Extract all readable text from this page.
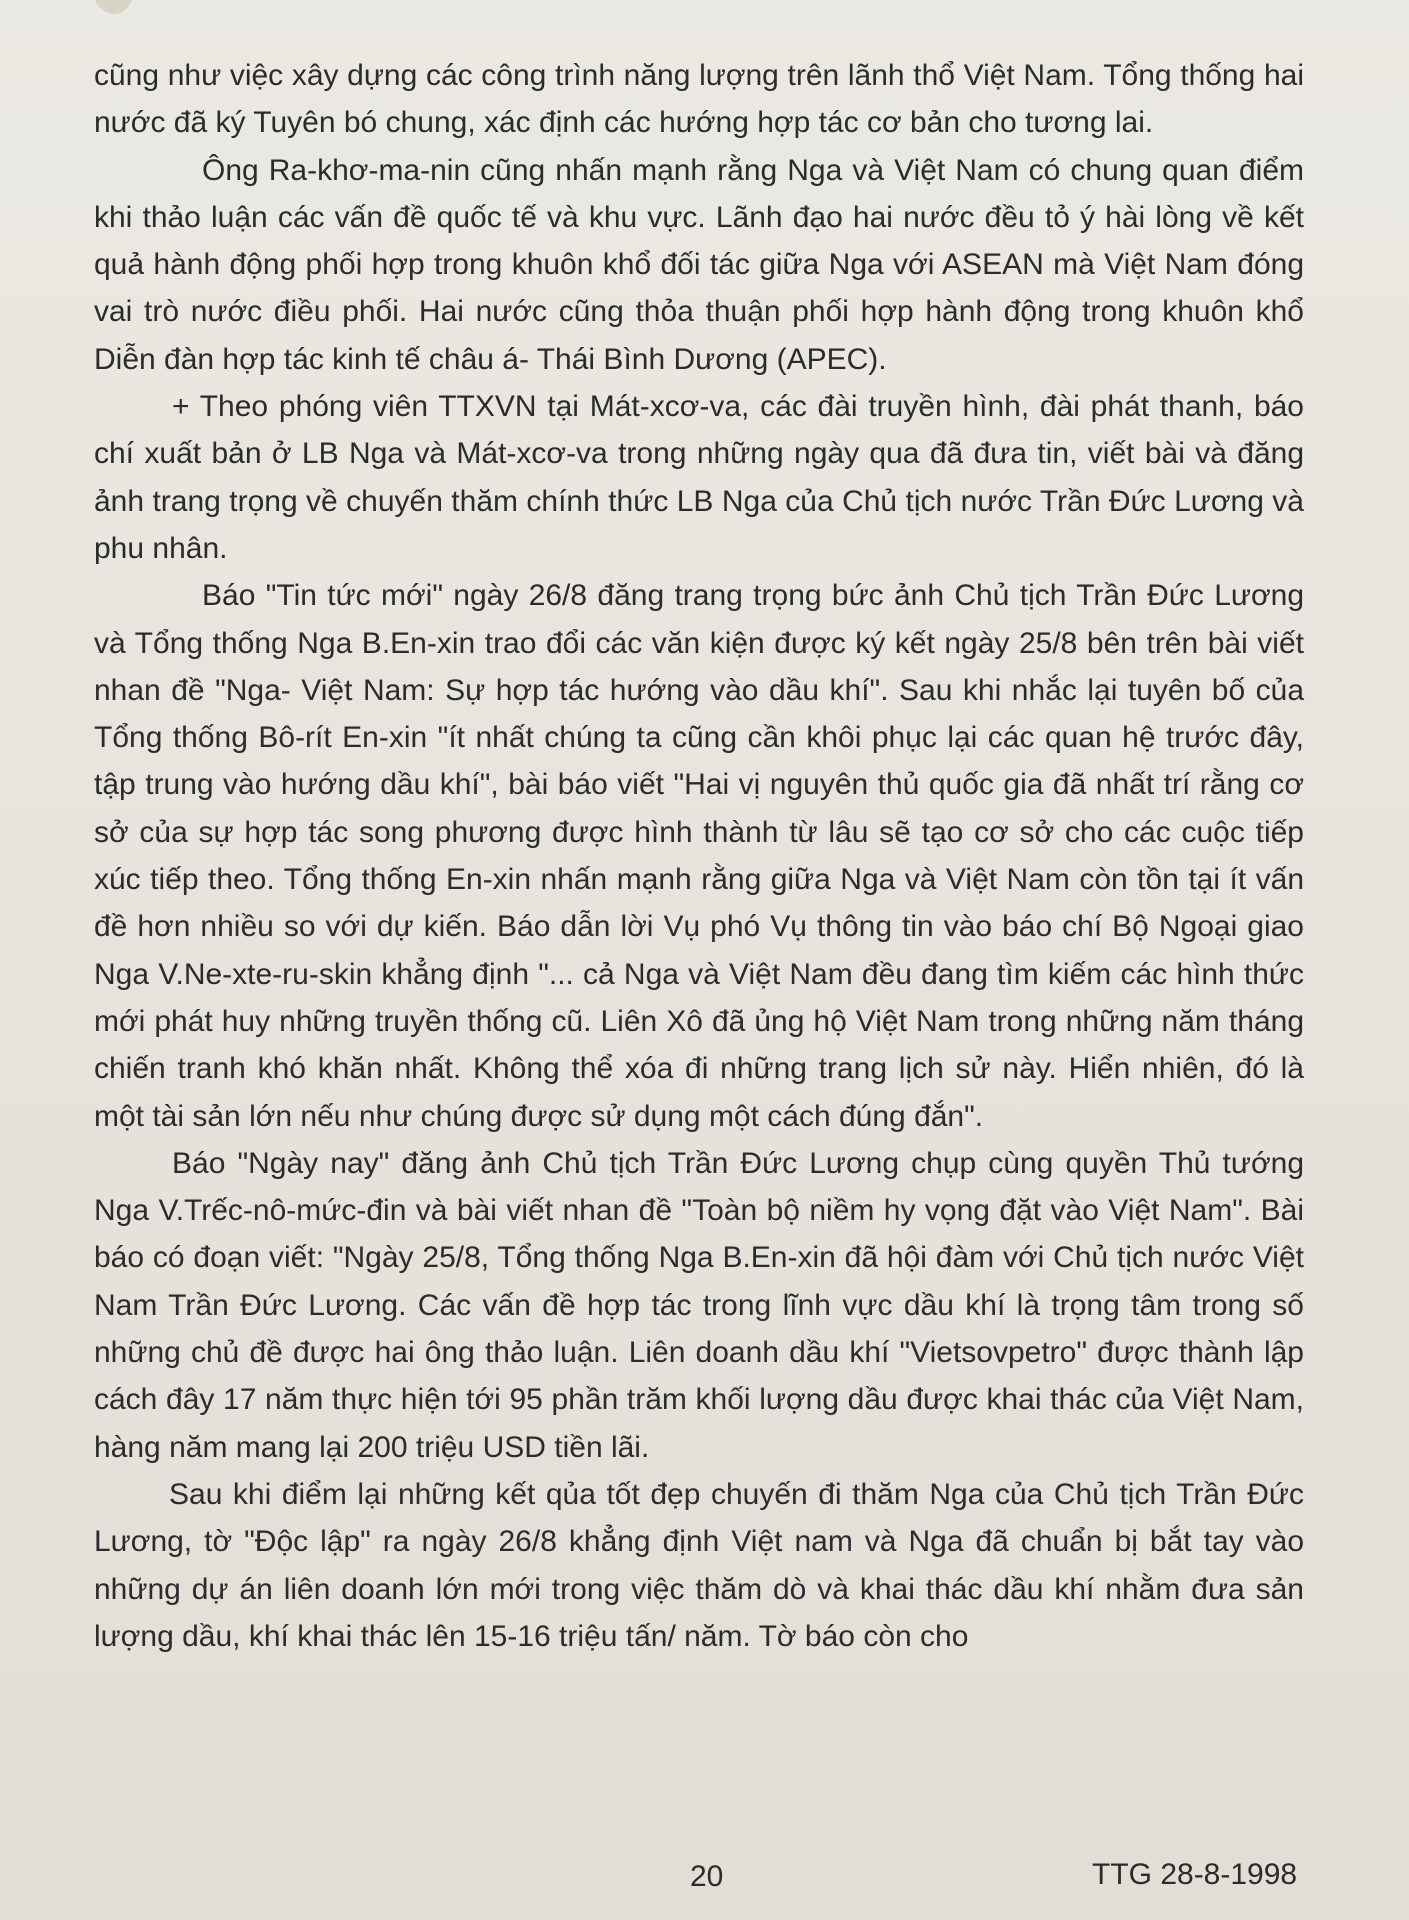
cũng như việc xây dựng các công trình năng lượng trên lãnh thổ Việt Nam. Tổng thống hai nước đã ký Tuyên bó chung, xác định các hướng hợp tác cơ bản cho tương lai.

Ông Ra-khơ-ma-nin cũng nhấn mạnh rằng Nga và Việt Nam có chung quan điểm khi thảo luận các vấn đề quốc tế và khu vực. Lãnh đạo hai nước đều tỏ ý hài lòng về kết quả hành động phối hợp trong khuôn khổ đối tác giữa Nga với ASEAN mà Việt Nam đóng vai trò nước điều phối. Hai nước cũng thỏa thuận phối hợp hành động trong khuôn khổ Diễn đàn hợp tác kinh tế châu á- Thái Bình Dương (APEC).

+ Theo phóng viên TTXVN tại Mát-xcơ-va, các đài truyền hình, đài phát thanh, báo chí xuất bản ở LB Nga và Mát-xcơ-va trong những ngày qua đã đưa tin, viết bài và đăng ảnh trang trọng về chuyến thăm chính thức LB Nga của Chủ tịch nước Trần Đức Lương và phu nhân.

Báo "Tin tức mới" ngày 26/8 đăng trang trọng bức ảnh Chủ tịch Trần Đức Lương và Tổng thống Nga B.En-xin trao đổi các văn kiện được ký kết ngày 25/8 bên trên bài viết nhan đề "Nga- Việt Nam: Sự hợp tác hướng vào dầu khí". Sau khi nhắc lại tuyên bố của Tổng thống Bô-rít En-xin "ít nhất chúng ta cũng cần khôi phục lại các quan hệ trước đây, tập trung vào hướng dầu khí", bài báo viết "Hai vị nguyên thủ quốc gia đã nhất trí rằng cơ sở của sự hợp tác song phương được hình thành từ lâu sẽ tạo cơ sở cho các cuộc tiếp xúc tiếp theo. Tổng thống En-xin nhấn mạnh rằng giữa Nga và Việt Nam còn tồn tại ít vấn đề hơn nhiều so với dự kiến. Báo dẫn lời Vụ phó Vụ thông tin vào báo chí Bộ Ngoại giao Nga V.Ne-xte-ru-skin khẳng định "... cả Nga và Việt Nam đều đang tìm kiếm các hình thức mới phát huy những truyền thống cũ. Liên Xô đã ủng hộ Việt Nam trong những năm tháng chiến tranh khó khăn nhất. Không thể xóa đi những trang lịch sử này. Hiển nhiên, đó là một tài sản lớn nếu như chúng được sử dụng một cách đúng đắn".

Báo "Ngày nay" đăng ảnh Chủ tịch Trần Đức Lương chụp cùng quyền Thủ tướng Nga V.Trếc-nô-mức-đin và bài viết nhan đề "Toàn bộ niềm hy vọng đặt vào Việt Nam". Bài báo có đoạn viết: "Ngày 25/8, Tổng thống Nga B.En-xin đã hội đàm với Chủ tịch nước Việt Nam Trần Đức Lương. Các vấn đề hợp tác trong lĩnh vực dầu khí là trọng tâm trong số những chủ đề được hai ông thảo luận. Liên doanh dầu khí "Vietsovpetro" được thành lập cách đây 17 năm thực hiện tới 95 phần trăm khối lượng dầu được khai thác của Việt Nam, hàng năm mang lại 200 triệu USD tiền lãi.

Sau khi điểm lại những kết qủa tốt đẹp chuyến đi thăm Nga của Chủ tịch Trần Đức Lương, tờ "Độc lập" ra ngày 26/8 khẳng định Việt nam và Nga đã chuẩn bị bắt tay vào những dự án liên doanh lớn mới trong việc thăm dò và khai thác dầu khí nhằm đưa sản lượng dầu, khí khai thác lên 15-16 triệu tấn/ năm. Tờ báo còn cho

20	TTG 28-8-1998
